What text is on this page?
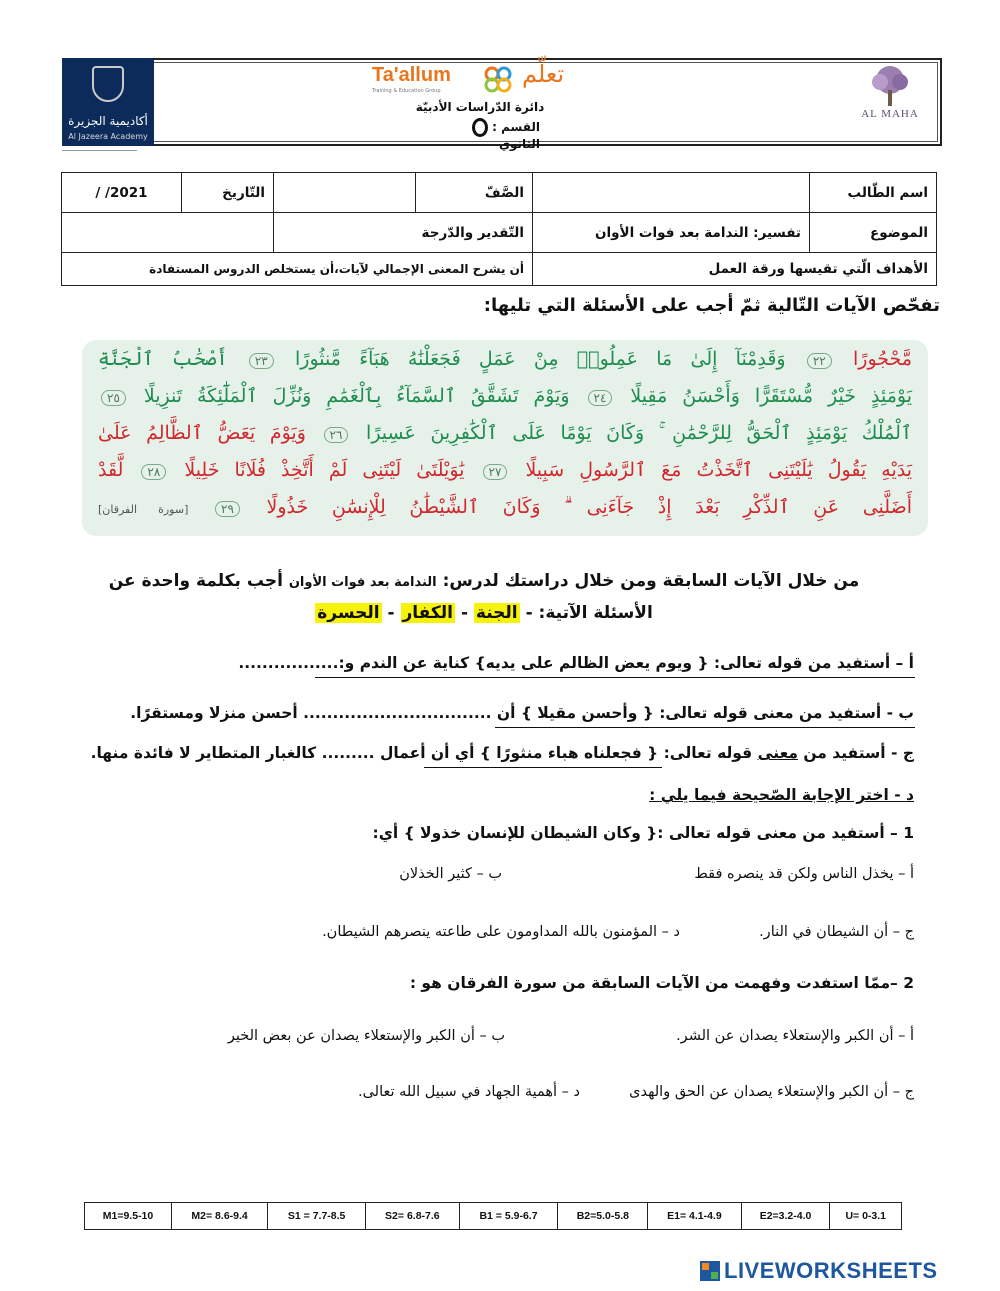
أكاديمية الجزيرة
Al Jazeera Academy
Ta'allum	تعلّم
Training & Education Group
دائرة الدّراسات الأدبيّة
القسم :الثانوي
AL MAHA
اسم الطّالب		الصَّفّ		التّاريخ	2021/ /
الموضوع	تفسير: الندامة بعد فوات الأوان	التّقدير والدّرجة			
الأهداف الّتي تقيسها ورقة العمل		أن يشرح المعنى الإجمالي لآيات،أن يستخلص الدروس المستفادة			
تفحّص الآيات التّالية ثمّ أجب على الأسئلة التي تليها:
مَّحْجُورًا ٢٢ وَقَدِمْنَآ إِلَىٰ مَا عَمِلُوا۟ مِنْ عَمَلٍ فَجَعَلْنَٰهُ هَبَآءً مَّنثُورًا ٢٣ أَصْحَٰبُ ٱلْجَنَّةِ
يَوْمَئِذٍ خَيْرٌ مُّسْتَقَرًّا وَأَحْسَنُ مَقِيلًا ٢٤ وَيَوْمَ تَشَقَّقُ ٱلسَّمَآءُ بِٱلْغَمَٰمِ وَنُزِّلَ ٱلْمَلَٰٓئِكَةُ تَنزِيلًا ٢٥
ٱلْمُلْكُ يَوْمَئِذٍ ٱلْحَقُّ لِلرَّحْمَٰنِ ۚ وَكَانَ يَوْمًا عَلَى ٱلْكَٰفِرِينَ عَسِيرًا ٢٦ وَيَوْمَ يَعَضُّ ٱلظَّالِمُ عَلَىٰ
يَدَيْهِ يَقُولُ يَٰلَيْتَنِى ٱتَّخَذْتُ مَعَ ٱلرَّسُولِ سَبِيلًا ٢٧ يَٰوَيْلَتَىٰ لَيْتَنِى لَمْ أَتَّخِذْ فُلَانًا خَلِيلًا ٢٨ لَّقَدْ
أَضَلَّنِى عَنِ ٱلذِّكْرِ بَعْدَ إِذْ جَآءَنِى ۗ وَكَانَ ٱلشَّيْطَٰنُ لِلْإِنسَٰنِ خَذُولًا ٢٩ [سورة الفرقان]
من خلال الآيات السابقة ومن خلال دراستك لدرس: الندامة بعد فوات الأوان أجب بكلمة واحدة عن
الأسئلة الآتية: - الجنة - الكفار - الحسرة
أ – أستفيد من قوله تعالى: { ويوم يعض الظالم على يديه} كناية عن الندم و:.................
ب - أستفيد من معنى قوله تعالى: { وأحسن مقيلا } أن ................................ أحسن منزلا ومستقرًا.
ج - أستفيد من معنى قوله تعالى: { فجعلناه هباء منثورًا } أي أن أعمال ......... كالغبار المتطاير لا فائدة منها.
د - اختر الإجابة الصّحيحة فيما يلي :
1 – أستفيد من معنى قوله تعالى :{ وكان الشيطان للإنسان خذولا } أي:
أ – يخذل الناس ولكن قد ينصره فقط
ب – كثير الخذلان
ج – أن الشيطان في النار.
د – المؤمنون بالله المداومون على طاعته ينصرهم الشيطان.
2 –ممّا استفدت وفهمت من الآيات السابقة من سورة الفرقان هو :
أ – أن الكبر والإستعلاء يصدان عن الشر.
ب – أن الكبر والإستعلاء يصدان عن بعض الخير
ج – أن الكبر والإستعلاء يصدان عن الحق والهدى
د – أهمية الجهاد في سبيل الله تعالى.
M1=9.5-10	M2= 8.6-9.4	S1 = 7.7-8.5	S2= 6.8-7.6	B1 = 5.9-6.7	B2=5.0-5.8	E1= 4.1-4.9	E2=3.2-4.0	U= 0-3.1
LIVEWORKSHEETS
